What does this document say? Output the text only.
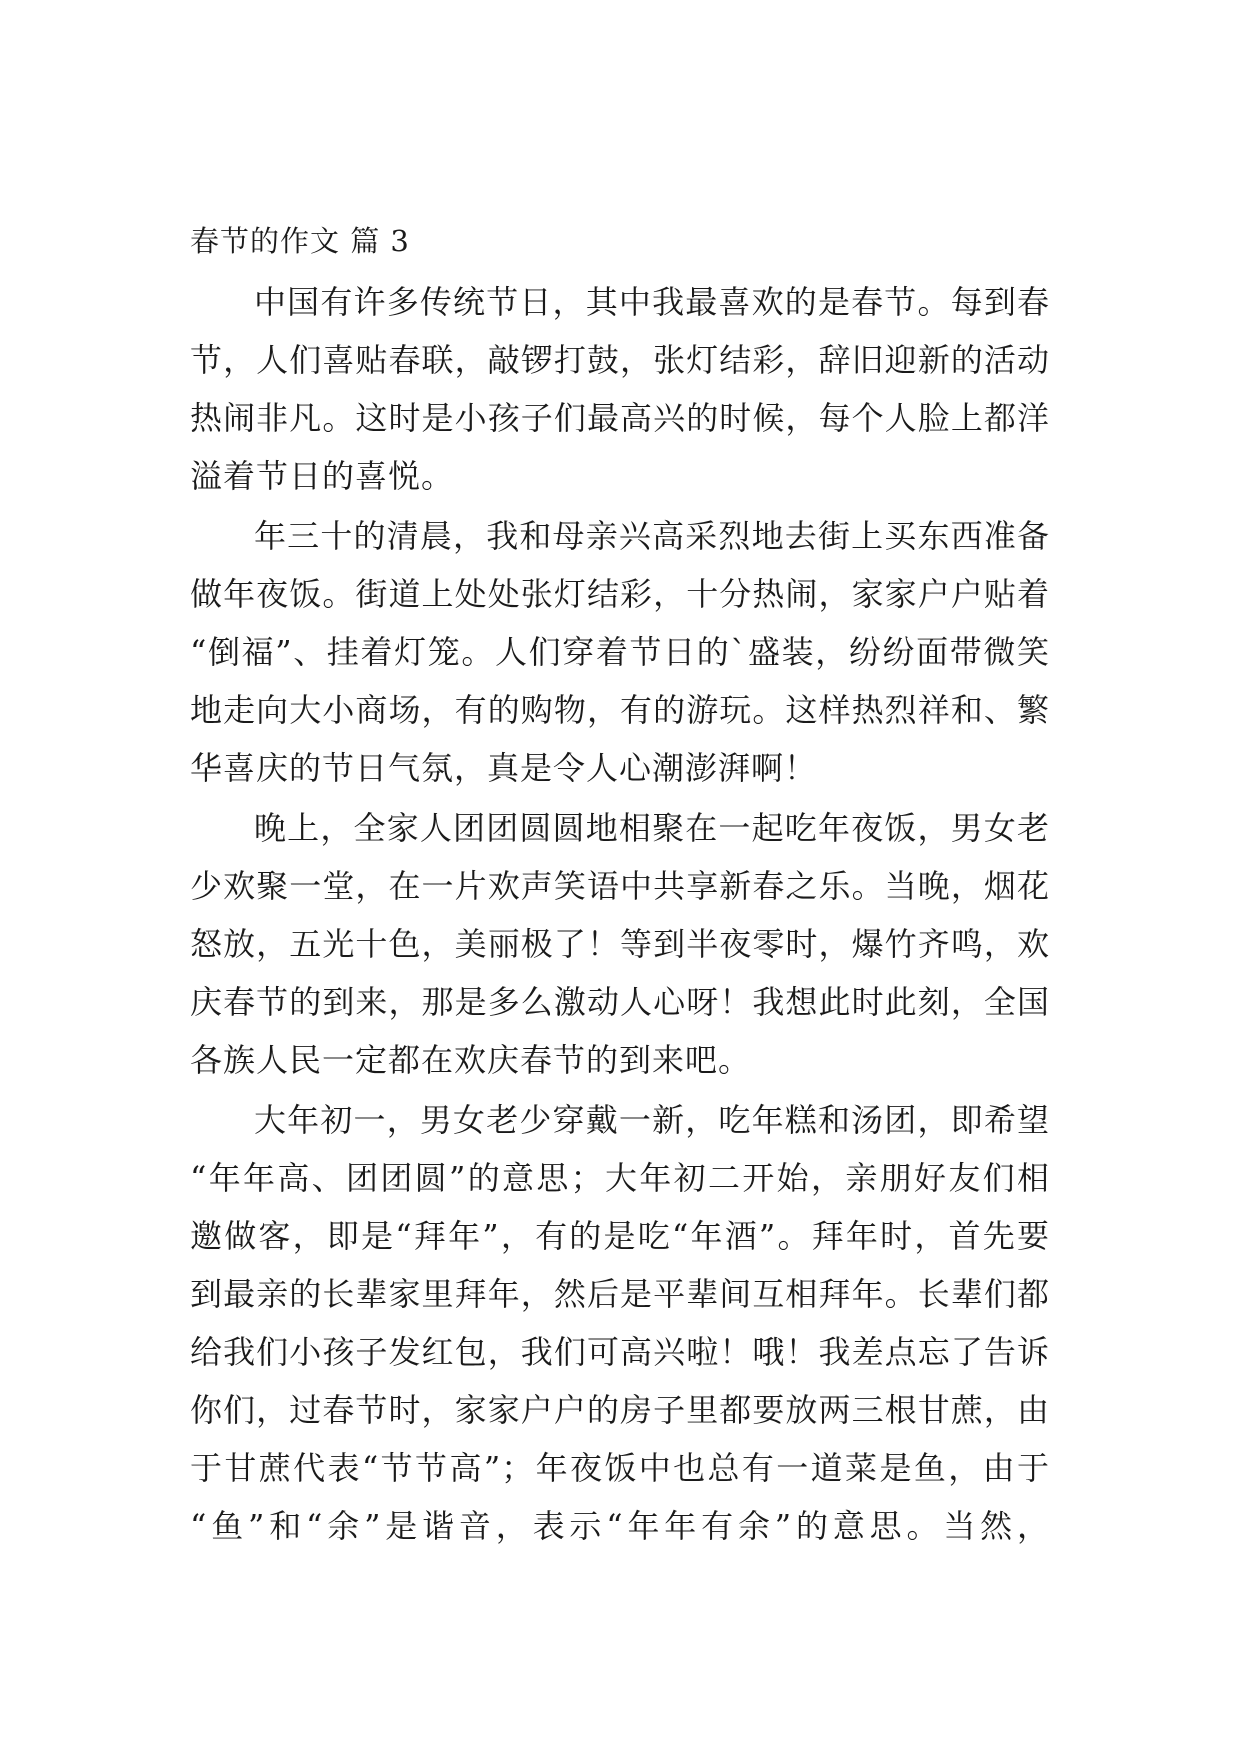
春节的作文 篇 3
中国有许多传统节日，其中我最喜欢的是春节。每到春
节，人们喜贴春联，敲锣打鼓，张灯结彩，辞旧迎新的活动
热闹非凡。这时是小孩子们最高兴的时候，每个人脸上都洋
溢着节日的喜悦。
年三十的清晨，我和母亲兴高采烈地去街上买东西准备
做年夜饭。街道上处处张灯结彩，十分热闹，家家户户贴着
“倒福”、挂着灯笼。人们穿着节日的`盛装，纷纷面带微笑
地走向大小商场，有的购物，有的游玩。这样热烈祥和、繁
华喜庆的节日气氛，真是令人心潮澎湃啊！
晚上，全家人团团圆圆地相聚在一起吃年夜饭，男女老
少欢聚一堂，在一片欢声笑语中共享新春之乐。当晚，烟花
怒放，五光十色，美丽极了！等到半夜零时，爆竹齐鸣，欢
庆春节的到来，那是多么激动人心呀！我想此时此刻，全国
各族人民一定都在欢庆春节的到来吧。
大年初一，男女老少穿戴一新，吃年糕和汤团，即希望
“年年高、团团圆”的意思；大年初二开始，亲朋好友们相
邀做客，即是“拜年”，有的是吃“年酒”。拜年时，首先要
到最亲的长辈家里拜年，然后是平辈间互相拜年。长辈们都
给我们小孩子发红包，我们可高兴啦！哦！我差点忘了告诉
你们，过春节时，家家户户的房子里都要放两三根甘蔗，由
于甘蔗代表“节节高”；年夜饭中也总有一道菜是鱼，由于
“鱼”和“余”是谐音，表示“年年有余”的意思。当然，
